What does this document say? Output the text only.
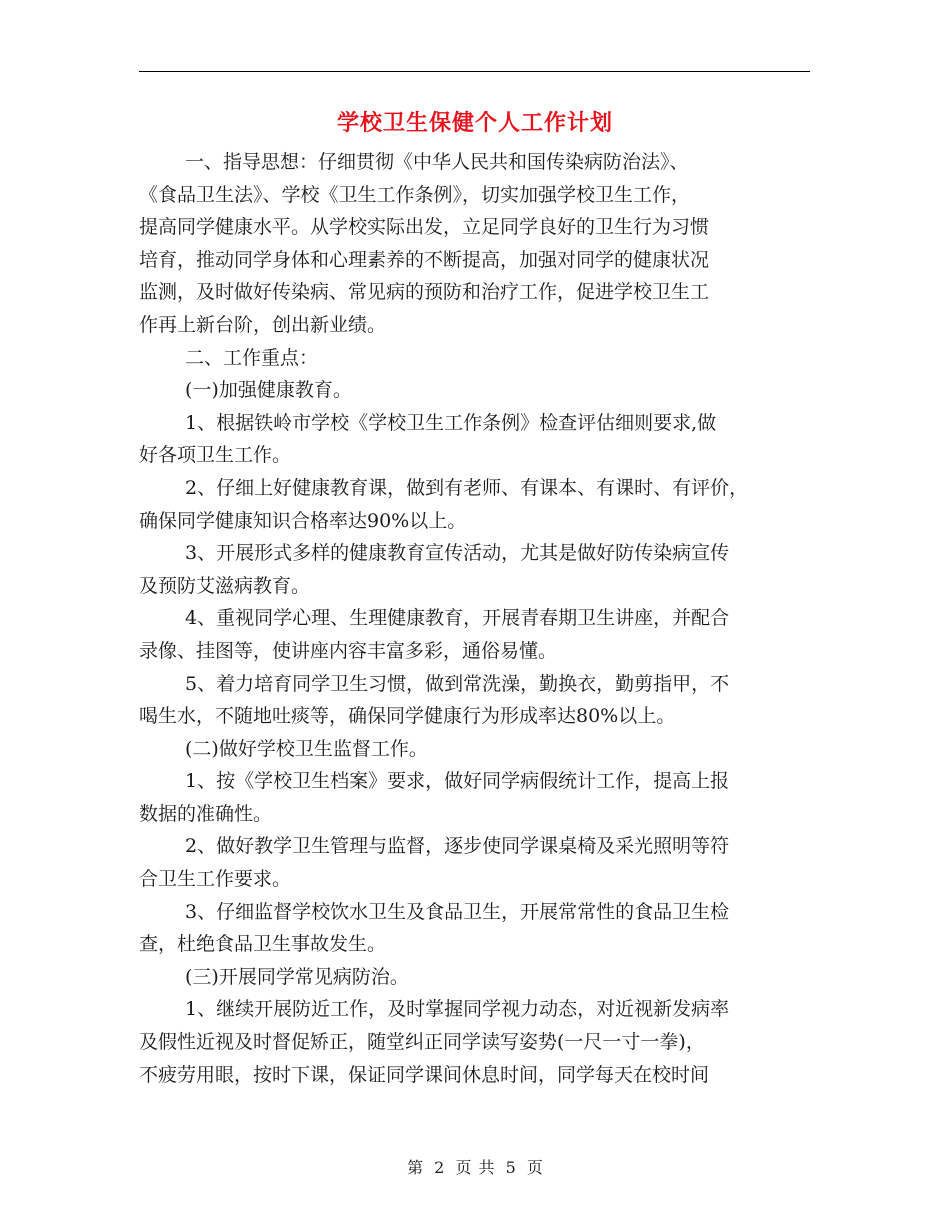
学校卫生保健个人工作计划
一、指导思想：仔细贯彻《中华人民共和国传染病防治法》、
《食品卫生法》、学校《卫生工作条例》，切实加强学校卫生工作，
提高同学健康水平。从学校实际出发，立足同学良好的卫生行为习惯
培育，推动同学身体和心理素养的不断提高，加强对同学的健康状况
监测，及时做好传染病、常见病的预防和治疗工作，促进学校卫生工
作再上新台阶，创出新业绩。
二、工作重点：
(一)加强健康教育。
1、根据铁岭市学校《学校卫生工作条例》检查评估细则要求,做
好各项卫生工作。
2、仔细上好健康教育课，做到有老师、有课本、有课时、有评价，
确保同学健康知识合格率达90%以上。
3、开展形式多样的健康教育宣传活动，尤其是做好防传染病宣传
及预防艾滋病教育。
4、重视同学心理、生理健康教育，开展青春期卫生讲座，并配合
录像、挂图等，使讲座内容丰富多彩，通俗易懂。
5、着力培育同学卫生习惯，做到常洗澡，勤换衣，勤剪指甲，不
喝生水，不随地吐痰等，确保同学健康行为形成率达80%以上。
(二)做好学校卫生监督工作。
1、按《学校卫生档案》要求，做好同学病假统计工作，提高上报
数据的准确性。
2、做好教学卫生管理与监督，逐步使同学课桌椅及采光照明等符
合卫生工作要求。
3、仔细监督学校饮水卫生及食品卫生，开展常常性的食品卫生检
查，杜绝食品卫生事故发生。
(三)开展同学常见病防治。
1、继续开展防近工作，及时掌握同学视力动态，对近视新发病率
及假性近视及时督促矫正，随堂纠正同学读写姿势(一尺一寸一拳)，
不疲劳用眼，按时下课，保证同学课间休息时间，同学每天在校时间
第 2 页 共 5 页
